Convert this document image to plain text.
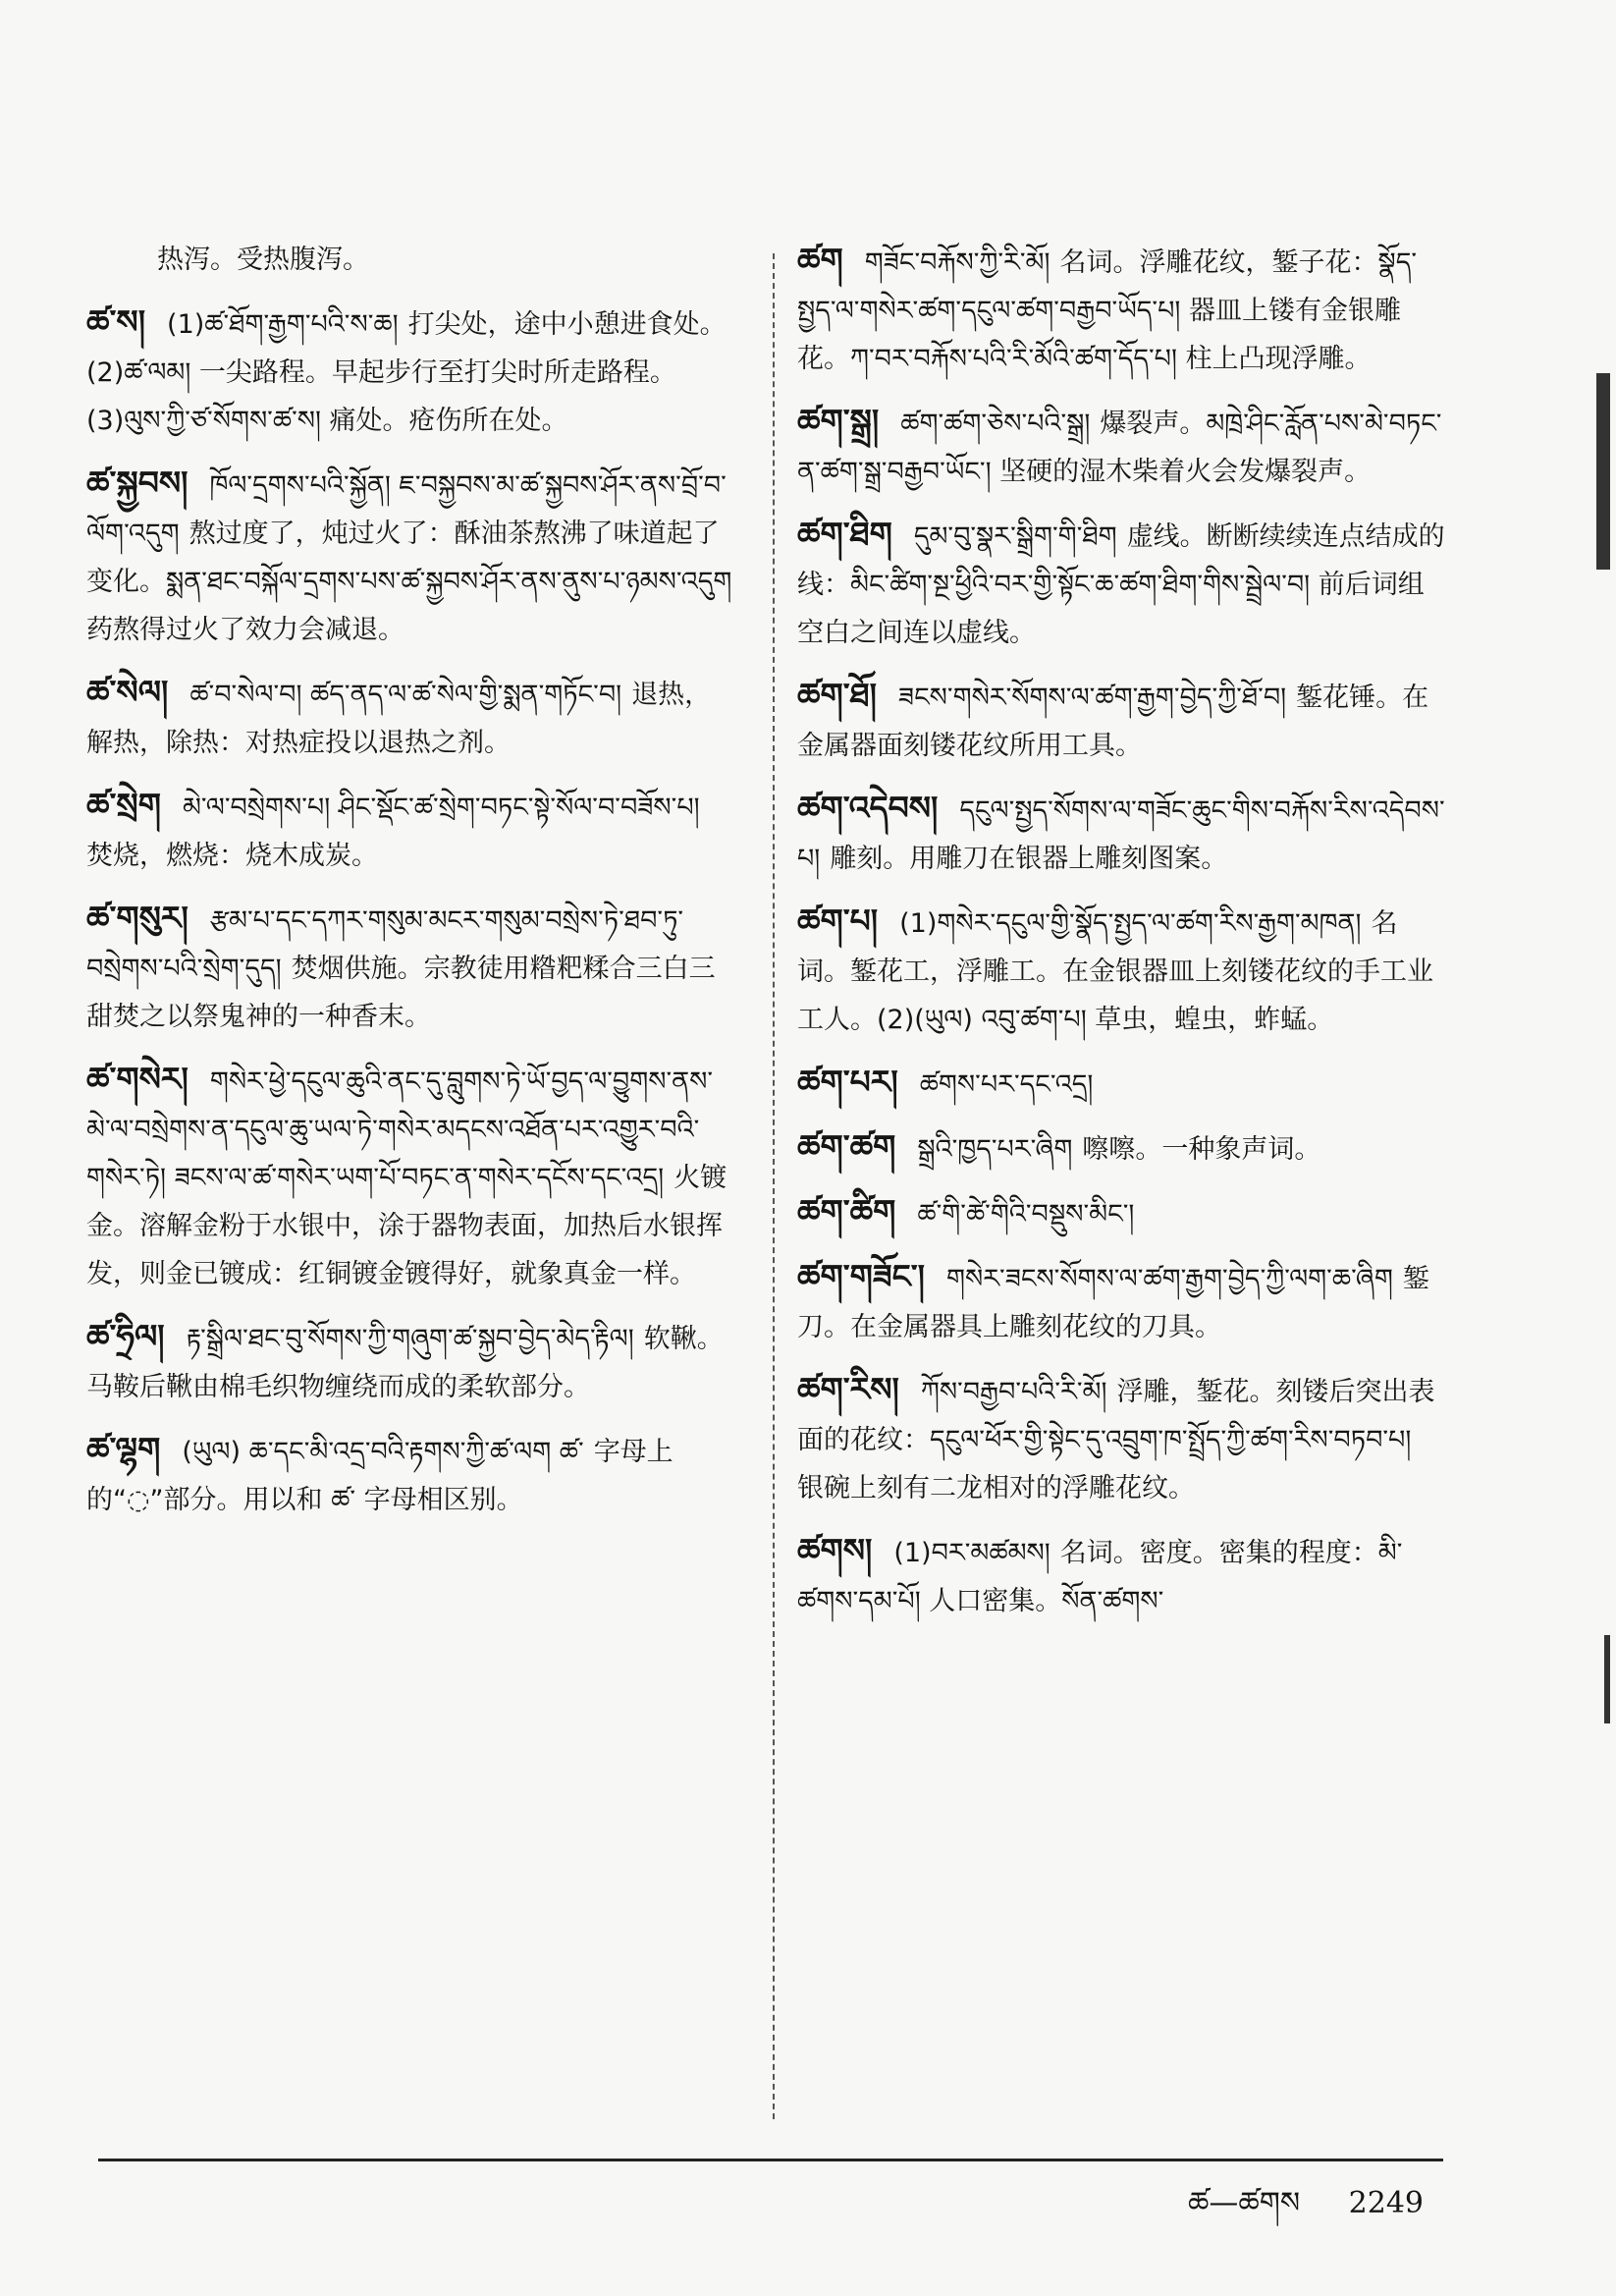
热泻。受热腹泻。
ཚ་ས། (1)ཚ་ཐོག་རྒྱག་པའི་ས་ཆ། 打尖处，途中小憩进食处。(2)ཚ་ལམ། 一尖路程。早起步行至打尖时所走路程。(3)ལུས་ཀྱི་ཙ་སོགས་ཚ་ས། 痛处。疮伤所在处。
ཚ་སྐྱབས། ཁོལ་དྲགས་པའི་སྐྱོན། ཇ་བསྐྱབས་མ་ཚ་སྐྱབས་ཤོར་ནས་བྲོ་བ་ལོག་འདུག 熬过度了，炖过火了：酥油茶熬沸了味道起了变化。སྨན་ཐང་བསྐོལ་དྲགས་པས་ཚ་སྐྱབས་ཤོར་ནས་ནུས་པ་ཉམས་འདུག 药熬得过火了效力会减退。
ཚ་སེལ། ཚ་བ་སེལ་བ། ཚད་ནད་ལ་ཚ་སེལ་གྱི་སྨན་གཏོང་བ། 退热，解热，除热：对热症投以退热之剂。
ཚ་སྲེག མེ་ལ་བསྲེགས་པ། ཤིང་སྡོང་ཚ་སྲེག་བཏང་སྟེ་སོལ་བ་བཟོས་པ།焚烧，燃烧：烧木成炭。
ཚ་གསུར། རྩམ་པ་དང་དཀར་གསུམ་མངར་གསུམ་བསྲེས་ཏེ་ཐབ་ཏུ་བསྲེགས་པའི་སྲེག་དུད། 焚烟供施。宗教徒用糌粑糅合三白三甜焚之以祭鬼神的一种香末。
ཚ་གསེར། གསེར་ཕྱེ་དངུལ་ཆུའི་ནང་དུ་བླུགས་ཏེ་ཡོ་བྱད་ལ་བྱུགས་ནས་མེ་ལ་བསྲེགས་ན་དངུལ་ཆུ་ཡལ་ཏེ་གསེར་མདངས་འཐོན་པར་འགྱུར་བའི་གསེར་ཏེ། ཟངས་ལ་ཚ་གསེར་ཡག་པོ་བཏང་ན་གསེར་དངོས་དང་འདྲ། 火镀金。溶解金粉于水银中，涂于器物表面，加热后水银挥发，则金已镀成：红铜镀金镀得好，就象真金一样。
ཚ་ཧྲིལ། རྟ་སྒྲིལ་ཐང་བུ་སོགས་ཀྱི་གཞུག་ཚ་སྐྱབ་བྱེད་མེད་རྟིལ། 软鞦。马鞍后鞦由棉毛织物缠绕而成的柔软部分。
ཚ་ལྷག (ཡུལ) ཆ་དང་མི་འདྲ་བའི་རྟགས་ཀྱི་ཚ་ལག ཚ་ 字母上的“◌”部分。用以和 ཚ་ 字母相区别。
ཚག གཟོང་བརྐོས་ཀྱི་རི་མོ། 名词。浮雕花纹，錾子花：སྣོད་སྤྱད་ལ་གསེར་ཚག་དངུལ་ཚག་བརྒྱབ་ཡོད་པ། 器皿上镂有金银雕花。ཀ་བར་བརྐོས་པའི་རི་མོའི་ཚག་དོད་པ། 柱上凸现浮雕。
ཚག་སྒྲ། ཚག་ཚག་ཅེས་པའི་སྒྲ། 爆裂声。མཁྲེ་ཤིང་རློན་པས་མེ་བཏང་ན་ཚག་སྒྲ་བརྒྱབ་ཡོང་། 坚硬的湿木柴着火会发爆裂声。
ཚག་ཐིག དུམ་བུ་སྣར་སྒྲིག་གི་ཐིག 虚线。断断续续连点结成的线：མིང་ཚིག་སྔ་ཕྱིའི་བར་གྱི་སྟོང་ཆ་ཚག་ཐིག་གིས་སྦྲེལ་བ། 前后词组空白之间连以虚线。
ཚག་ཐོ། ཟངས་གསེར་སོགས་ལ་ཚག་རྒྱག་བྱེད་ཀྱི་ཐོ་བ། 錾花锤。在金属器面刻镂花纹所用工具。
ཚག་འདེབས། དངུལ་སྤྱད་སོགས་ལ་གཟོང་ཆུང་གིས་བརྐོས་རིས་འདེབས་པ། 雕刻。用雕刀在银器上雕刻图案。
ཚག་པ། (1)གསེར་དངུལ་གྱི་སྣོད་སྤྱད་ལ་ཚག་རིས་རྒྱག་མཁན། 名词。錾花工，浮雕工。在金银器皿上刻镂花纹的手工业工人。(2)(ཡུལ) འབུ་ཚག་པ། 草虫，蝗虫，蚱蜢。
ཚག་པར། ཚགས་པར་དང་འདྲ།
ཚག་ཚག སྒྲའི་ཁྱད་པར་ཞིག 嚓嚓。一种象声词。
ཚག་ཚིག ཚ་གི་ཚེ་གིའི་བསྡུས་མིང་།
ཚག་གཟོང་། གསེར་ཟངས་སོགས་ལ་ཚག་རྒྱག་བྱེད་ཀྱི་ལག་ཆ་ཞིག 錾刀。在金属器具上雕刻花纹的刀具。
ཚག་རིས། ཀོས་བརྒྱབ་པའི་རི་མོ། 浮雕，錾花。刻镂后突出表面的花纹：དངུལ་ཕོར་གྱི་སྟེང་དུ་འབྲུག་ཁ་སྤྲོད་ཀྱི་ཚག་རིས་བཏབ་པ། 银碗上刻有二龙相对的浮雕花纹。
ཚགས། (1)བར་མཚམས། 名词。密度。密集的程度：མི་ཚགས་དམ་པོ། 人口密集。སོན་ཚགས་
ཚ—ཚགས 2249
